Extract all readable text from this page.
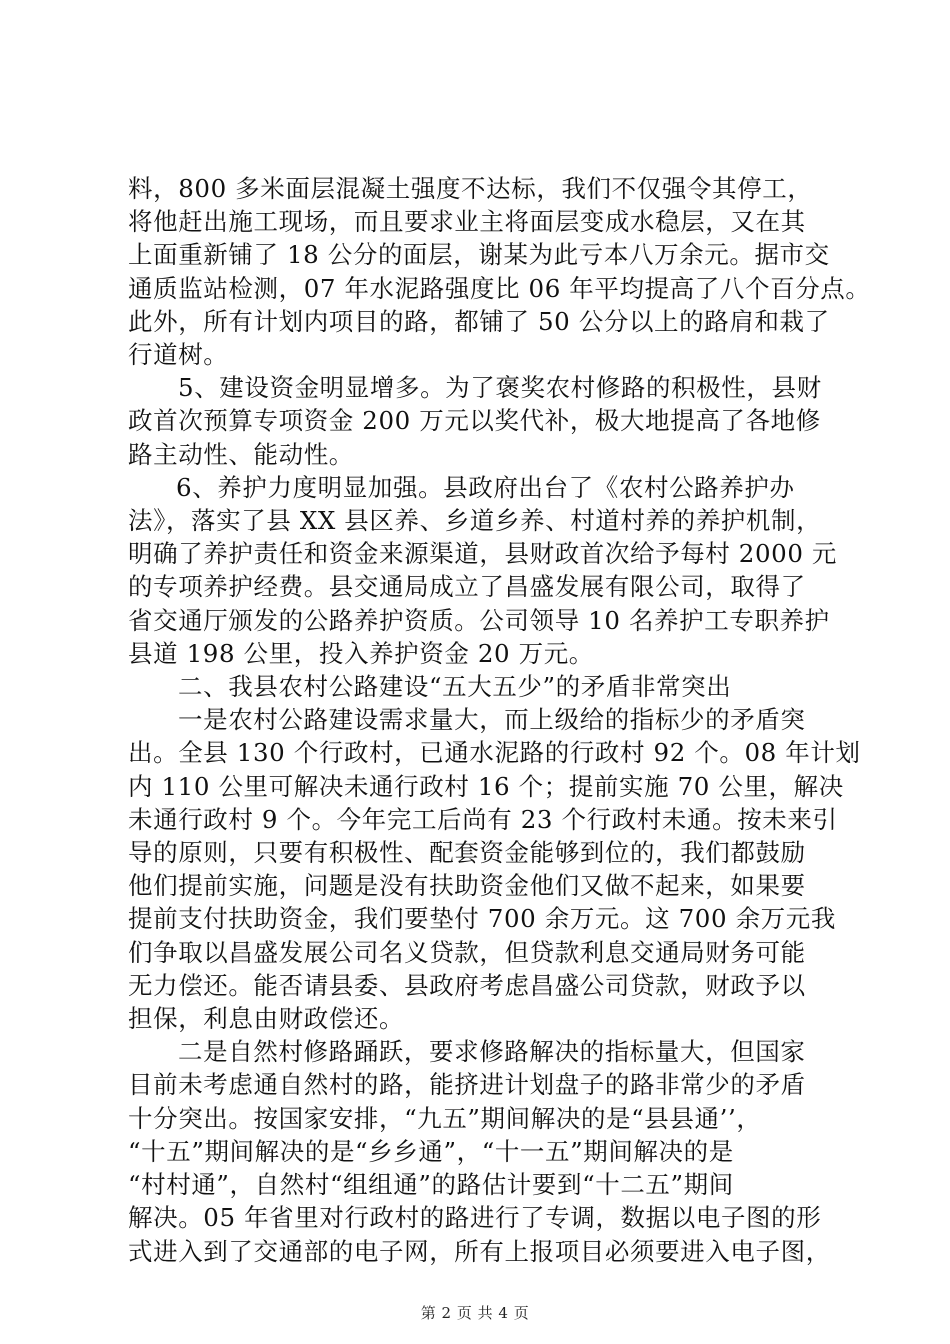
料，800 多米面层混凝土强度不达标，我们不仅强令其停工，
将他赶出施工现场，而且要求业主将面层变成水稳层，又在其
上面重新铺了 18 公分的面层，谢某为此亏本八万余元。据市交
通质监站检测，07 年水泥路强度比 06 年平均提高了八个百分点。
此外，所有计划内项目的路，都铺了 50 公分以上的路肩和栽了
行道树。
5、建设资金明显增多。为了褒奖农村修路的积极性，县财
政首次预算专项资金 200 万元以奖代补，极大地提高了各地修
路主动性、能动性。
6、养护力度明显加强。县政府出台了《农村公路养护办
法》，落实了县 XX 县区养、乡道乡养、村道村养的养护机制，
明确了养护责任和资金来源渠道，县财政首次给予每村 2000 元
的专项养护经费。县交通局成立了昌盛发展有限公司，取得了
省交通厅颁发的公路养护资质。公司领导 10 名养护工专职养护
县道 198 公里，投入养护资金 20 万元。
二、我县农村公路建设“五大五少”的矛盾非常突出
一是农村公路建设需求量大，而上级给的指标少的矛盾突
出。全县 130 个行政村，已通水泥路的行政村 92 个。08 年计划
内 110 公里可解决未通行政村 16 个；提前实施 70 公里，解决
未通行政村 9 个。今年完工后尚有 23 个行政村未通。按未来引
导的原则，只要有积极性、配套资金能够到位的，我们都鼓励
他们提前实施，问题是没有扶助资金他们又做不起来，如果要
提前支付扶助资金，我们要垫付 700 余万元。这 700 余万元我
们争取以昌盛发展公司名义贷款，但贷款利息交通局财务可能
无力偿还。能否请县委、县政府考虑昌盛公司贷款，财政予以
担保，利息由财政偿还。
二是自然村修路踊跃，要求修路解决的指标量大，但国家
目前未考虑通自然村的路，能挤进计划盘子的路非常少的矛盾
十分突出。按国家安排，“九五”期间解决的是“县县通’’，
“十五”期间解决的是“乡乡通”，“十一五”期间解决的是
“村村通”，自然村“组组通”的路估计要到“十二五”期间
解决。05 年省里对行政村的路进行了专调，数据以电子图的形
式进入到了交通部的电子网，所有上报项目必须要进入电子图，
第 2 页 共 4 页
